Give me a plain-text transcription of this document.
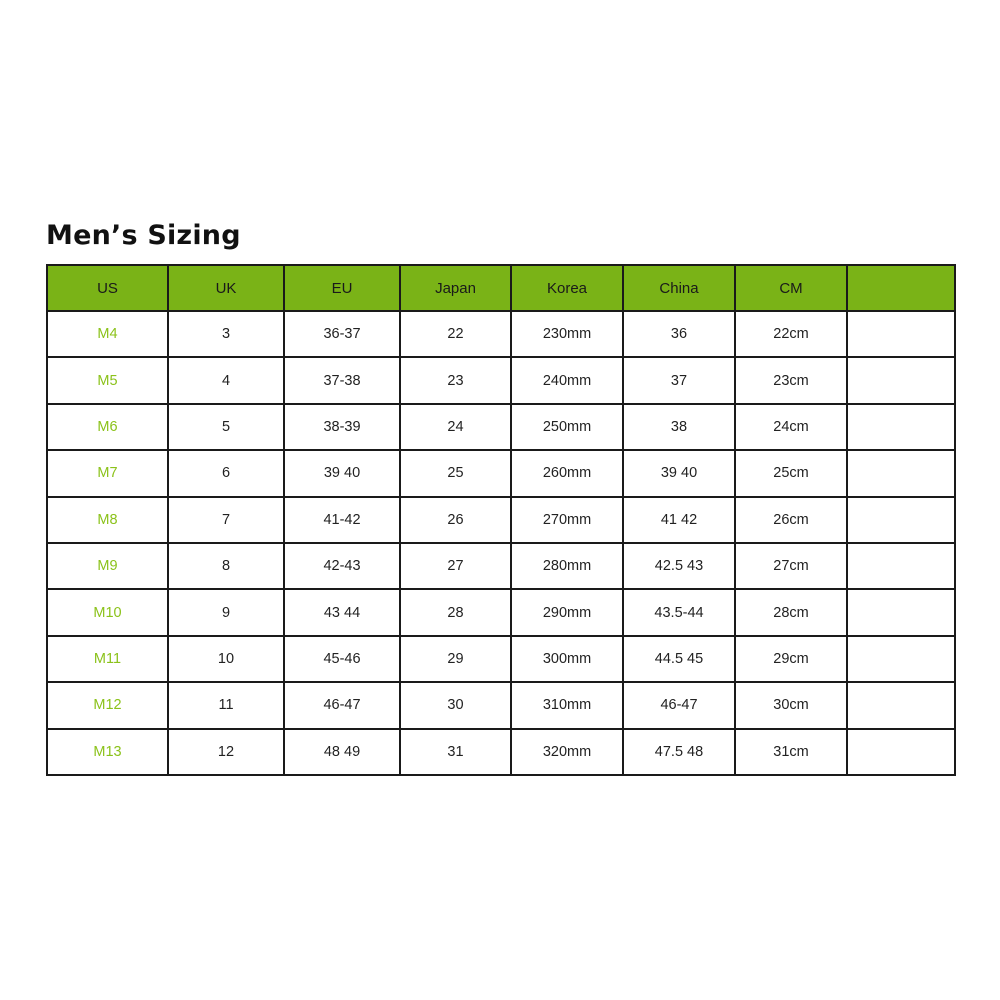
Men’s Sizing
US	UK	EU	Japan	Korea	China	CM	
M4	3	36-37	22	230mm	36	22cm	
M5	4	37-38	23	240mm	37	23cm	
M6	5	38-39	24	250mm	38	24cm	
M7	6	39 40	25	260mm	39 40	25cm	
M8	7	41-42	26	270mm	41 42	26cm	
M9	8	42-43	27	280mm	42.5 43	27cm	
M10	9	43 44	28	290mm	43.5-44	28cm	
M11	10	45-46	29	300mm	44.5 45	29cm	
M12	11	46-47	30	310mm	46-47	30cm	
M13	12	48 49	31	320mm	47.5 48	31cm	
